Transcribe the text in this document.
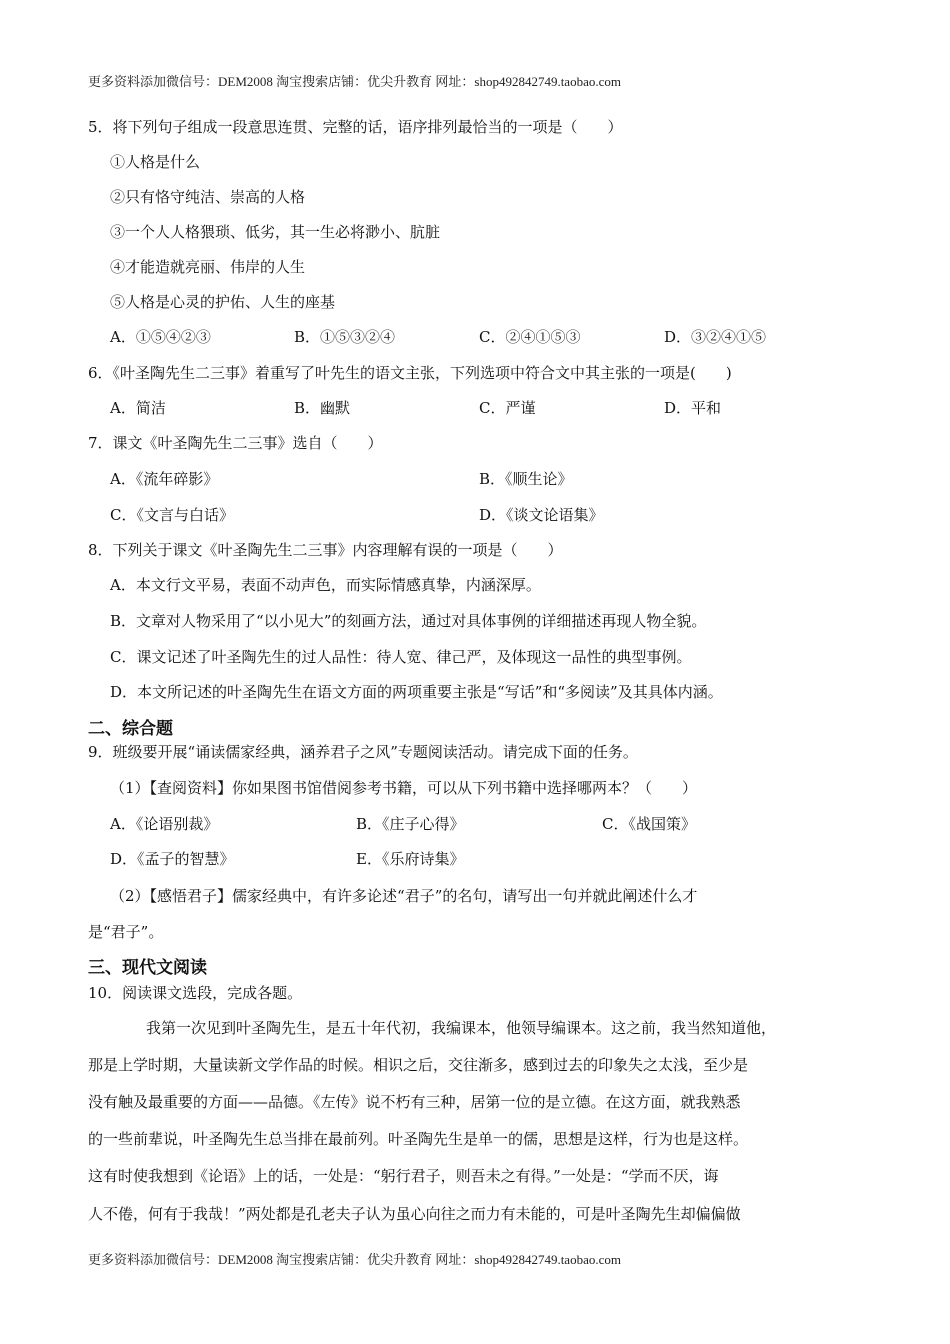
更多资料添加微信号：DEM2008 淘宝搜索店铺：优尖升教育 网址：shop492842749.taobao.com
5．将下列句子组成一段意思连贯、完整的话，语序排列最恰当的一项是（　　）
①人格是什么
②只有恪守纯洁、崇高的人格
③一个人人格猥琐、低劣，其一生必将渺小、肮脏
④才能造就亮丽、伟岸的人生
⑤人格是心灵的护佑、人生的座基
A．①⑤④②③	B．①⑤③②④	C．②④①⑤③	D．③②④①⑤
6．《叶圣陶先生二三事》着重写了叶先生的语文主张，下列选项中符合文中其主张的一项是(　　)
A．简洁	B．幽默	C．严谨	D．平和
7．课文《叶圣陶先生二三事》选自（　　）
A．《流年碎影》	B．《顺生论》
C．《文言与白话》	D．《谈文论语集》
8．下列关于课文《叶圣陶先生二三事》内容理解有误的一项是（　　）
A．本文行文平易，表面不动声色，而实际情感真挚，内涵深厚。
B．文章对人物采用了“以小见大”的刻画方法，通过对具体事例的详细描述再现人物全貌。
C．课文记述了叶圣陶先生的过人品性：待人宽、律己严，及体现这一品性的典型事例。
D．本文所记述的叶圣陶先生在语文方面的两项重要主张是“写话”和“多阅读”及其具体内涵。
二、综合题
9．班级要开展“诵读儒家经典，涵养君子之风”专题阅读活动。请完成下面的任务。
（1）【查阅资料】你如果图书馆借阅参考书籍，可以从下列书籍中选择哪两本？（　　）
A．《论语别裁》	B．《庄子心得》	C．《战国策》
D．《孟子的智慧》	E．《乐府诗集》
（2）【感悟君子】儒家经典中，有许多论述“君子”的名句，请写出一句并就此阐述什么才
是“君子”。
三、现代文阅读
10．阅读课文选段，完成各题。
我第一次见到叶圣陶先生，是五十年代初，我编课本，他领导编课本。这之前，我当然知道他，
那是上学时期，大量读新文学作品的时候。相识之后，交往渐多，感到过去的印象失之太浅，至少是
没有触及最重要的方面——品德。《左传》说不朽有三种，居第一位的是立德。在这方面，就我熟悉
的一些前辈说，叶圣陶先生总当排在最前列。叶圣陶先生是单一的儒，思想是这样，行为也是这样。
这有时使我想到《论语》上的话，一处是：“躬行君子，则吾未之有得。”一处是：“学而不厌，诲
人不倦，何有于我哉！”两处都是孔老夫子认为虽心向往之而力有未能的，可是叶圣陶先生却偏偏做
更多资料添加微信号：DEM2008 淘宝搜索店铺：优尖升教育 网址：shop492842749.taobao.com
